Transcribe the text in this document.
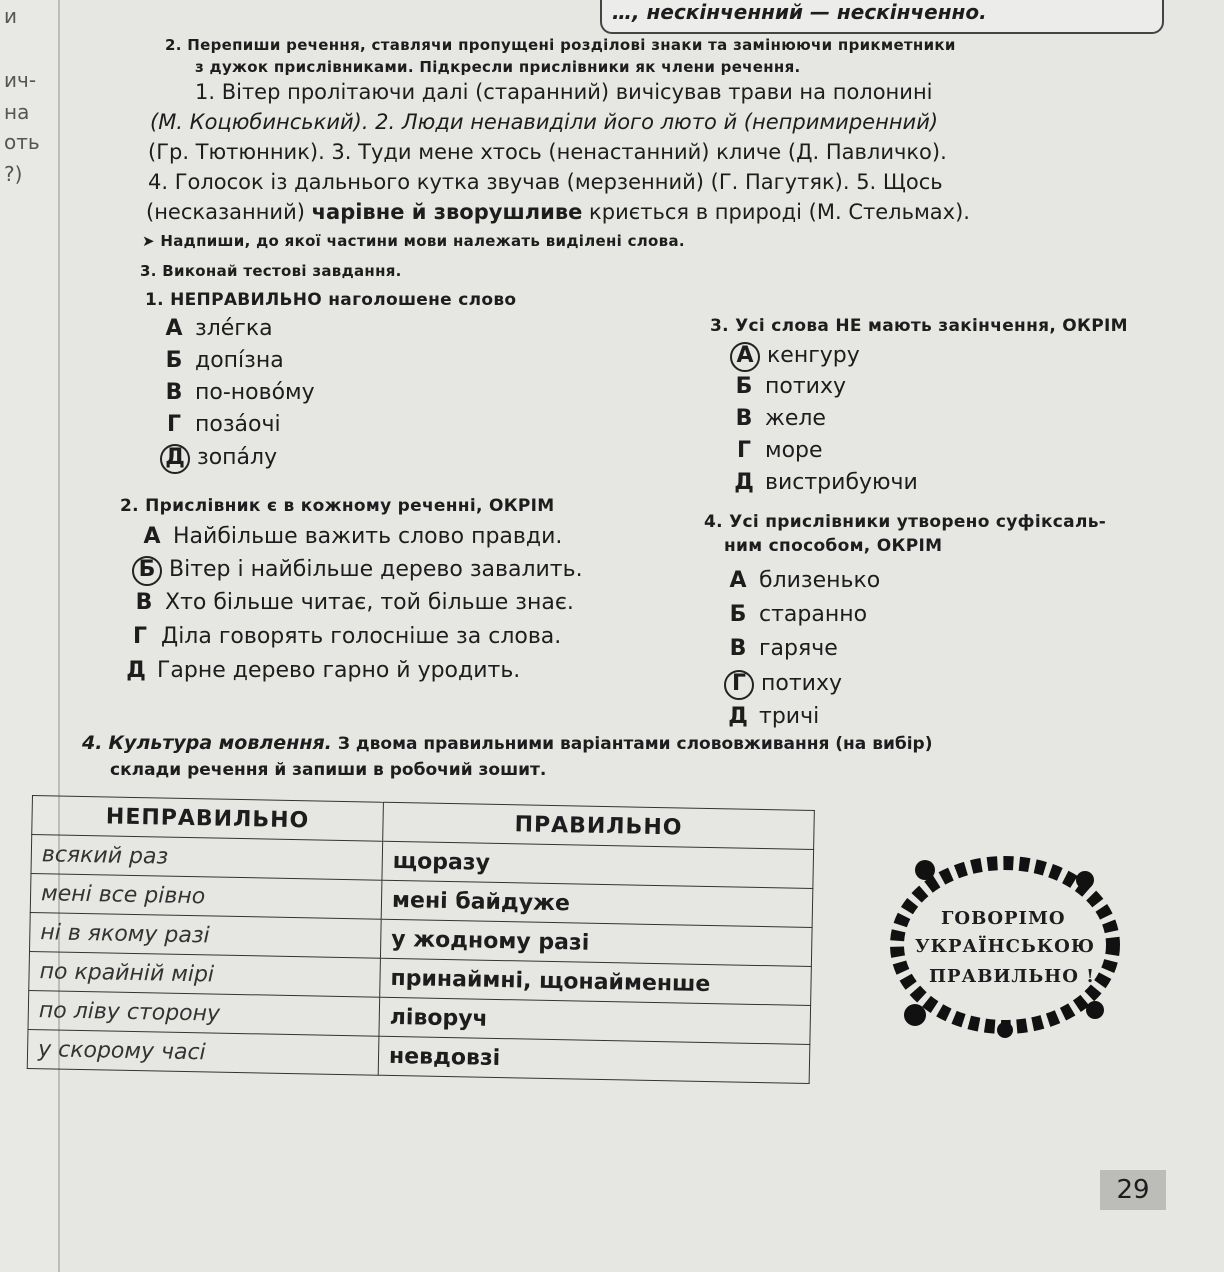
и
ич-
на
оть
?)
…, нескінченний — нескінченно.
2. Перепиши речення, ставлячи пропущені розділові знаки та замінюючи прикметники
з дужок прислівниками. Підкресли прислівники як члени речення.
1. Вітер пролітаючи далі (старанний) вичісував трави на полонині
(М. Коцюбинський). 2. Люди ненавиділи його люто й (непримиренний)
(Гр. Тютюнник). 3. Туди мене хтось (ненастанний) кличе (Д. Павличко).
4. Голосок із дальнього кутка звучав (мерзенний) (Г. Пагутяк). 5. Щось
(несказанний) чарівне й зворушливе криється в природі (М. Стельмах).
➤ Надпиши, до якої частини мови належать виділені слова.
3. Виконай тестові завдання.
1. НЕПРАВИЛЬНО наголошене слово
А злéгка
Б допíзна
В по-новóму
Г позáочі
Д зопáлу
2. Прислівник є в кожному реченні, ОКРІМ
А Найбільше важить слово правди.
Б Вітер і найбільше дерево завалить.
В Хто більше читає, той більше знає.
Г Діла говорять голосніше за слова.
Д Гарне дерево гарно й уродить.
3. Усі слова НЕ мають закінчення, ОКРІМ
А кенгуру
Б потиху
В желе
Г море
Д вистрибуючи
4. Усі прислівники утворено суфіксаль-
ним способом, ОКРІМ
А близенько
Б старанно
В гаряче
Г потиху
Д тричі
4. Культура мовлення. З двома правильними варіантами слововживання (на вибір)
склади речення й запиши в робочий зошит.
НЕПРАВИЛЬНО	ПРАВИЛЬНО
всякий раз	щоразу
мені все рівно	мені байдуже
ні в якому разі	у жодному разі
по крайній мірі	принаймні, щонайменше
по ліву сторону	ліворуч
у скорому часі	невдовзі
ГОВОРІМО
УКРАЇНСЬКОЮ
ПРАВИЛЬНО !
29
